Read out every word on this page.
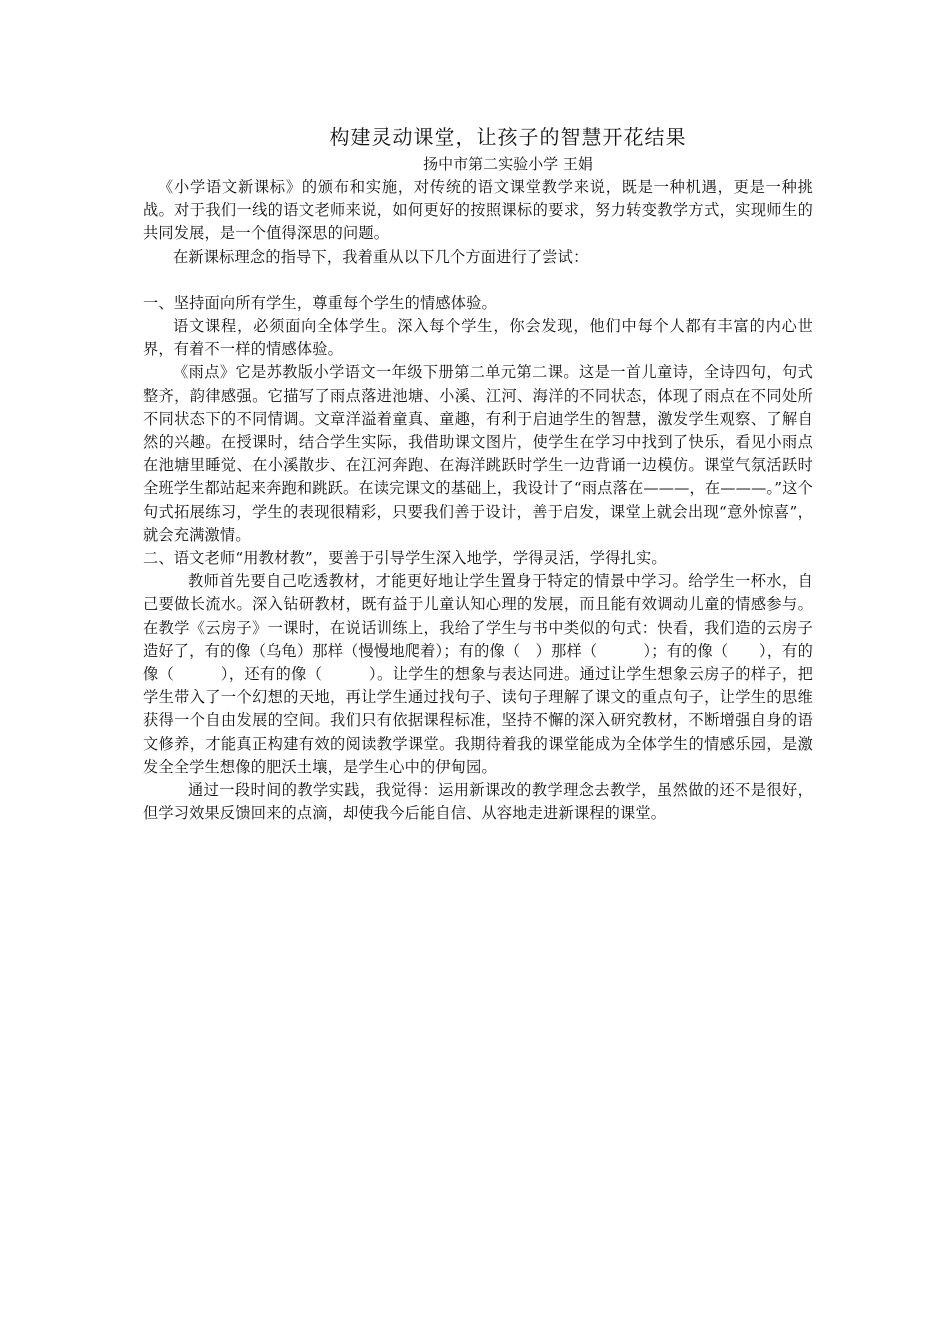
构建灵动课堂，让孩子的智慧开花结果
扬中市第二实验小学 王娟

《小学语文新课标》的颁布和实施，对传统的语文课堂教学来说，既是一种机遇，更是一种挑战。对于我们一线的语文老师来说，如何更好的按照课标的要求，努力转变教学方式，实现师生的共同发展，是一个值得深思的问题。

在新课标理念的指导下，我着重从以下几个方面进行了尝试：

一、坚持面向所有学生，尊重每个学生的情感体验。

语文课程，必须面向全体学生。深入每个学生，你会发现，他们中每个人都有丰富的内心世界，有着不一样的情感体验。

《雨点》它是苏教版小学语文一年级下册第二单元第二课。这是一首儿童诗，全诗四句，句式整齐，韵律感强。它描写了雨点落进池塘、小溪、江河、海洋的不同状态，体现了雨点在不同处所不同状态下的不同情调。文章洋溢着童真、童趣，有利于启迪学生的智慧，激发学生观察、了解自然的兴趣。在授课时，结合学生实际，我借助课文图片，使学生在学习中找到了快乐，看见小雨点在池塘里睡觉、在小溪散步、在江河奔跑、在海洋跳跃时学生一边背诵一边模仿。课堂气氛活跃时全班学生都站起来奔跑和跳跃。在读完课文的基础上，我设计了“雨点落在———，在———。”这个句式拓展练习，学生的表现很精彩，只要我们善于设计，善于启发，课堂上就会出现“意外惊喜”，就会充满激情。

二、语文老师“用教材教”，要善于引导学生深入地学，学得灵活，学得扎实。

教师首先要自己吃透教材，才能更好地让学生置身于特定的情景中学习。给学生一杯水，自己要做长流水。深入钻研教材，既有益于儿童认知心理的发展，而且能有效调动儿童的情感参与。在教学《云房子》一课时，在说话训练上，我给了学生与书中类似的句式：快看，我们造的云房子造好了，有的像（乌龟）那样（慢慢地爬着）；有的像（　）那样（　　　）；有的像（　　），有的像（　　　），还有的像（　　　）。让学生的想象与表达同进。通过让学生想象云房子的样子，把学生带入了一个幻想的天地，再让学生通过找句子、读句子理解了课文的重点句子，让学生的思维获得一个自由发展的空间。我们只有依据课程标准，坚持不懈的深入研究教材，不断增强自身的语文修养，才能真正构建有效的阅读教学课堂。我期待着我的课堂能成为全体学生的情感乐园，是激发全全学生想像的肥沃土壤，是学生心中的伊甸园。

通过一段时间的教学实践，我觉得：运用新课改的教学理念去教学，虽然做的还不是很好，但学习效果反馈回来的点滴，却使我今后能自信、从容地走进新课程的课堂。
